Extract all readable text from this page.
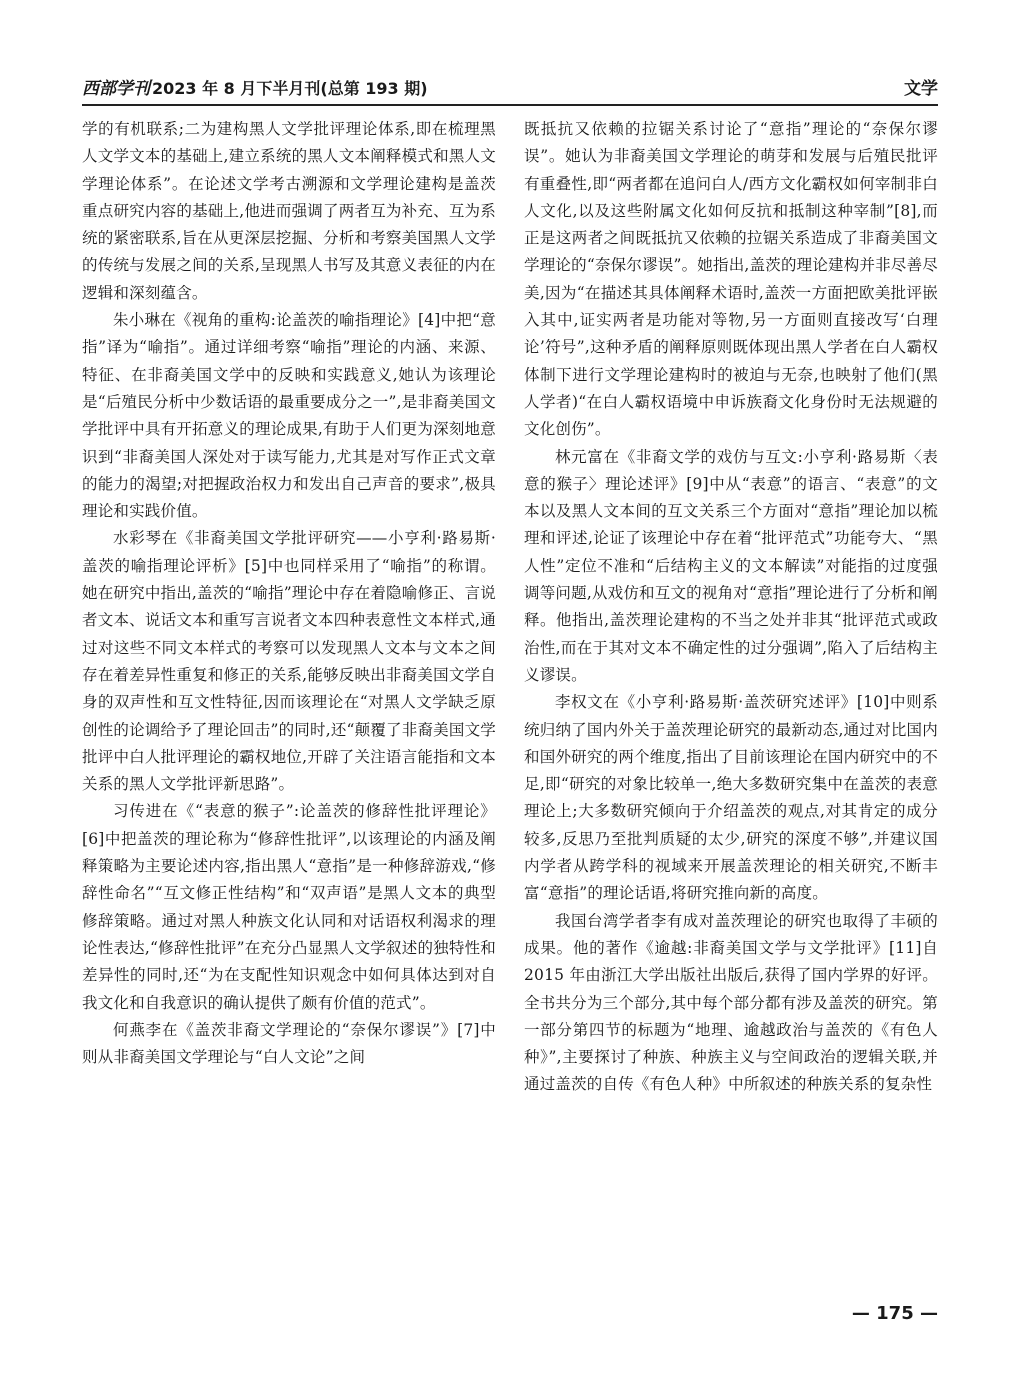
西部学刊 2023 年 8 月下半月刊(总第 193 期)	文学

学的有机联系;二为建构黑人文学批评理论体系,即在梳理黑人文学文本的基础上,建立系统的黑人文本阐释模式和黑人文学理论体系”。在论述文学考古溯源和文学理论建构是盖茨重点研究内容的基础上,他进而强调了两者互为补充、互为系统的紧密联系,旨在从更深层挖掘、分析和考察美国黑人文学的传统与发展之间的关系,呈现黑人书写及其意义表征的内在逻辑和深刻蕴含。

朱小琳在《视角的重构:论盖茨的喻指理论》[4]中把“意指”译为“喻指”。通过详细考察“喻指”理论的内涵、来源、特征、在非裔美国文学中的反映和实践意义,她认为该理论是“后殖民分析中少数话语的最重要成分之一”,是非裔美国文学批评中具有开拓意义的理论成果,有助于人们更为深刻地意识到“非裔美国人深处对于读写能力,尤其是对写作正式文章的能力的渴望;对把握政治权力和发出自己声音的要求”,极具理论和实践价值。

水彩琴在《非裔美国文学批评研究——小亨利·路易斯·盖茨的喻指理论评析》[5]中也同样采用了“喻指”的称谓。她在研究中指出,盖茨的“喻指”理论中存在着隐喻修正、言说者文本、说话文本和重写言说者文本四种表意性文本样式,通过对这些不同文本样式的考察可以发现黑人文本与文本之间存在着差异性重复和修正的关系,能够反映出非裔美国文学自身的双声性和互文性特征,因而该理论在“对黑人文学缺乏原创性的论调给予了理论回击”的同时,还“颠覆了非裔美国文学批评中白人批评理论的霸权地位,开辟了关注语言能指和文本关系的黑人文学批评新思路”。

习传进在《“表意的猴子”:论盖茨的修辞性批评理论》[6]中把盖茨的理论称为“修辞性批评”,以该理论的内涵及阐释策略为主要论述内容,指出黑人“意指”是一种修辞游戏,“修辞性命名”“互文修正性结构”和“双声语”是黑人文本的典型修辞策略。通过对黑人种族文化认同和对话语权利渴求的理论性表达,“修辞性批评”在充分凸显黑人文学叙述的独特性和差异性的同时,还“为在支配性知识观念中如何具体达到对自我文化和自我意识的确认提供了颇有价值的范式”。

何燕李在《盖茨非裔文学理论的“奈保尔谬误”》[7]中则从非裔美国文学理论与“白人文论”之间

既抵抗又依赖的拉锯关系讨论了“意指”理论的“奈保尔谬误”。她认为非裔美国文学理论的萌芽和发展与后殖民批评有重叠性,即“两者都在追问白人/西方文化霸权如何宰制非白人文化,以及这些附属文化如何反抗和抵制这种宰制”[8],而正是这两者之间既抵抗又依赖的拉锯关系造成了非裔美国文学理论的“奈保尔谬误”。她指出,盖茨的理论建构并非尽善尽美,因为“在描述其具体阐释术语时,盖茨一方面把欧美批评嵌入其中,证实两者是功能对等物,另一方面则直接改写‘白理论’符号”,这种矛盾的阐释原则既体现出黑人学者在白人霸权体制下进行文学理论建构时的被迫与无奈,也映射了他们(黑人学者)“在白人霸权语境中申诉族裔文化身份时无法规避的文化创伤”。

林元富在《非裔文学的戏仿与互文:小亨利·路易斯〈表意的猴子〉理论述评》[9]中从“表意”的语言、“表意”的文本以及黑人文本间的互文关系三个方面对“意指”理论加以梳理和评述,论证了该理论中存在着“批评范式”功能夸大、“黑人性”定位不准和“后结构主义的文本解读”对能指的过度强调等问题,从戏仿和互文的视角对“意指”理论进行了分析和阐释。他指出,盖茨理论建构的不当之处并非其“批评范式或政治性,而在于其对文本不确定性的过分强调”,陷入了后结构主义谬误。

李权文在《小亨利·路易斯·盖茨研究述评》[10]中则系统归纳了国内外关于盖茨理论研究的最新动态,通过对比国内和国外研究的两个维度,指出了目前该理论在国内研究中的不足,即“研究的对象比较单一,绝大多数研究集中在盖茨的表意理论上;大多数研究倾向于介绍盖茨的观点,对其肯定的成分较多,反思乃至批判质疑的太少,研究的深度不够”,并建议国内学者从跨学科的视域来开展盖茨理论的相关研究,不断丰富“意指”的理论话语,将研究推向新的高度。

我国台湾学者李有成对盖茨理论的研究也取得了丰硕的成果。他的著作《逾越:非裔美国文学与文学批评》[11]自 2015 年由浙江大学出版社出版后,获得了国内学界的好评。全书共分为三个部分,其中每个部分都有涉及盖茨的研究。第一部分第四节的标题为“地理、逾越政治与盖茨的《有色人种》”,主要探讨了种族、种族主义与空间政治的逻辑关联,并通过盖茨的自传《有色人种》中所叙述的种族关系的复杂性

— 175 —
